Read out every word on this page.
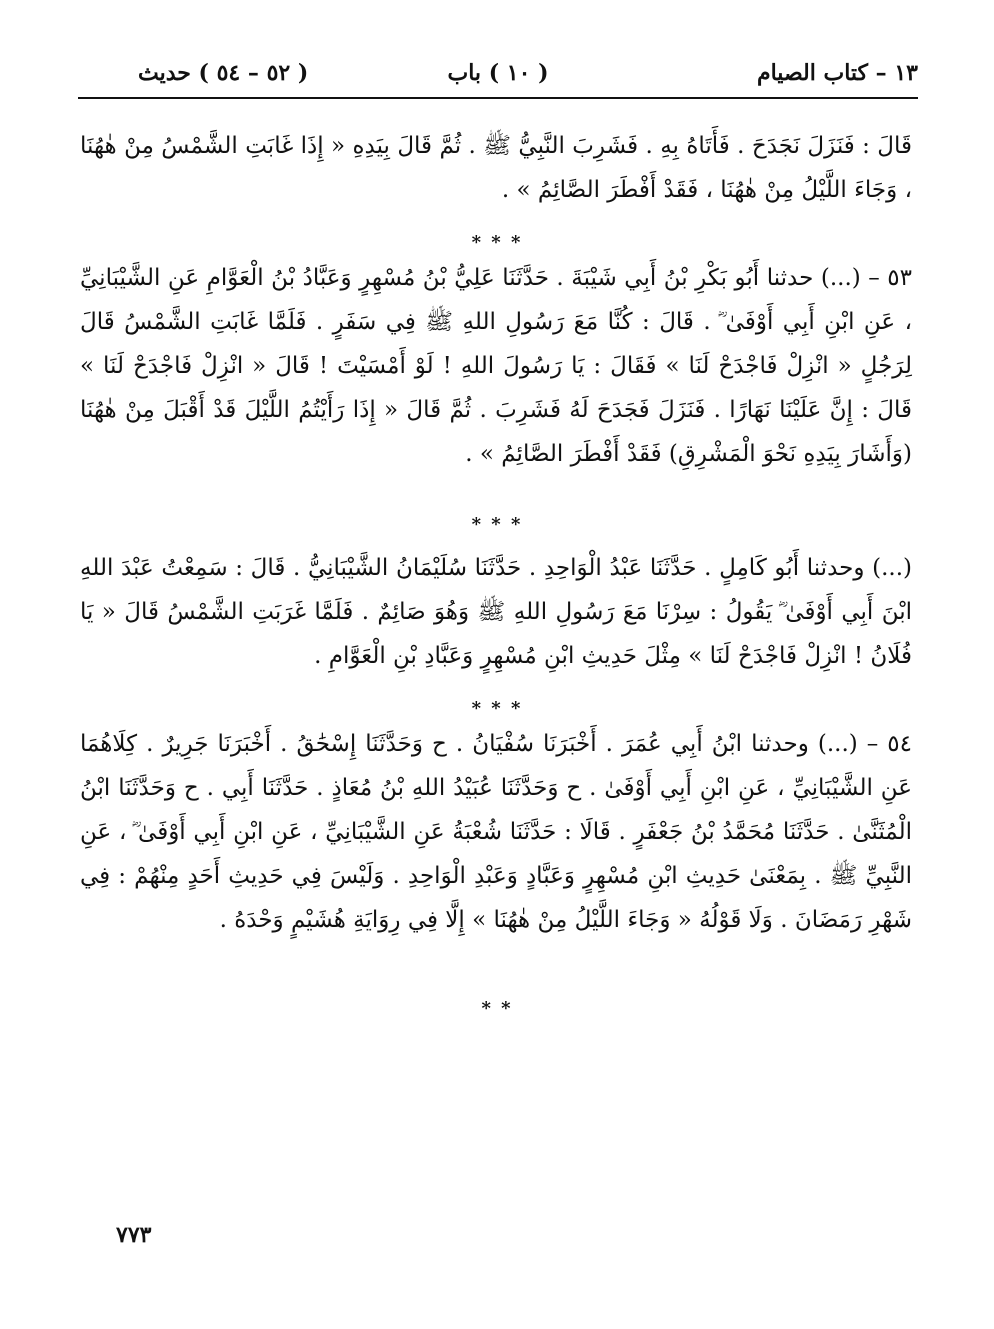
١٣ – كتاب الصيام
( ١٠ ) باب
( ٥٢ – ٥٤ ) حديث
قَالَ : فَنَزَلَ نَجَدَحَ . فَأَتَاهُ بِهِ . فَشَرِبَ النَّبِيُّ ﷺ . ثُمَّ قَالَ بِيَدِهِ « إِذَا غَابَتِ الشَّمْسُ مِنْ هٰهُنَا ، وَجَاءَ اللَّيْلُ مِنْ هٰهُنَا ، فَقَدْ أَفْطَرَ الصَّائِمُ » .
* * *
٥٣ – (...) حدثنا أَبُو بَكْرِ بْنُ أَبِي شَيْبَةَ . حَدَّثَنَا عَلِيُّ بْنُ مُسْهِرٍ وَعَبَّادُ بْنُ الْعَوَّامِ عَنِ الشَّيْبَانِيِّ ، عَنِ ابْنِ أَبِي أَوْفَىٰ ؓ . قَالَ : كُنَّا مَعَ رَسُولِ اللهِ ﷺ فِي سَفَرٍ . فَلَمَّا غَابَتِ الشَّمْسُ قَالَ لِرَجُلٍ « انْزِلْ فَاجْدَحْ لَنَا » فَقَالَ : يَا رَسُولَ اللهِ ! لَوْ أَمْسَيْتَ ! قَالَ « انْزِلْ فَاجْدَحْ لَنَا » قَالَ : إِنَّ عَلَيْنَا نَهَارًا . فَنَزَلَ فَجَدَحَ لَهُ فَشَرِبَ . ثُمَّ قَالَ « إِذَا رَأَيْتُمُ اللَّيْلَ قَدْ أَقْبَلَ مِنْ هٰهُنَا (وَأَشَارَ بِيَدِهِ نَحْوَ الْمَشْرِقِ) فَقَدْ أَفْطَرَ الصَّائِمُ » .
* * *
(...) وحدثنا أَبُو كَامِلٍ . حَدَّثَنَا عَبْدُ الْوَاحِدِ . حَدَّثَنَا سُلَيْمَانُ الشَّيْبَانِيُّ . قَالَ : سَمِعْتُ عَبْدَ اللهِ ابْنَ أَبِي أَوْفَىٰ ؓ يَقُولُ : سِرْنَا مَعَ رَسُولِ اللهِ ﷺ وَهُوَ صَائِمٌ . فَلَمَّا غَرَبَتِ الشَّمْسُ قَالَ « يَا فُلَانُ ! انْزِلْ فَاجْدَحْ لَنَا » مِثْلَ حَدِيثِ ابْنِ مُسْهِرٍ وَعَبَّادِ بْنِ الْعَوَّامِ .
* * *
٥٤ – (...) وحدثنا ابْنُ أَبِي عُمَرَ . أَخْبَرَنَا سُفْيَانُ . ح وَحَدَّثَنَا إِسْحَٰقُ . أَخْبَرَنَا جَرِيرٌ . كِلَاهُمَا عَنِ الشَّيْبَانِيِّ ، عَنِ ابْنِ أَبِي أَوْفَىٰ . ح وَحَدَّثَنَا عُبَيْدُ اللهِ بْنُ مُعَاذٍ . حَدَّثَنَا أَبِي . ح وَحَدَّثَنَا ابْنُ الْمُثَنَّىٰ . حَدَّثَنَا مُحَمَّدُ بْنُ جَعْفَرٍ . قَالَا : حَدَّثَنَا شُعْبَةُ عَنِ الشَّيْبَانِيِّ ، عَنِ ابْنِ أَبِي أَوْفَىٰ ؓ ، عَنِ النَّبِيِّ ﷺ . بِمَعْنَىٰ حَدِيثِ ابْنِ مُسْهِرٍ وَعَبَّادٍ وَعَبْدِ الْوَاحِدِ . وَلَيْسَ فِي حَدِيثِ أَحَدٍ مِنْهُمْ : فِي شَهْرِ رَمَضَانَ . وَلَا قَوْلُهُ « وَجَاءَ اللَّيْلُ مِنْ هٰهُنَا » إِلَّا فِي رِوَايَةِ هُشَيْمٍ وَحْدَهُ .
* *
٧٧٣
